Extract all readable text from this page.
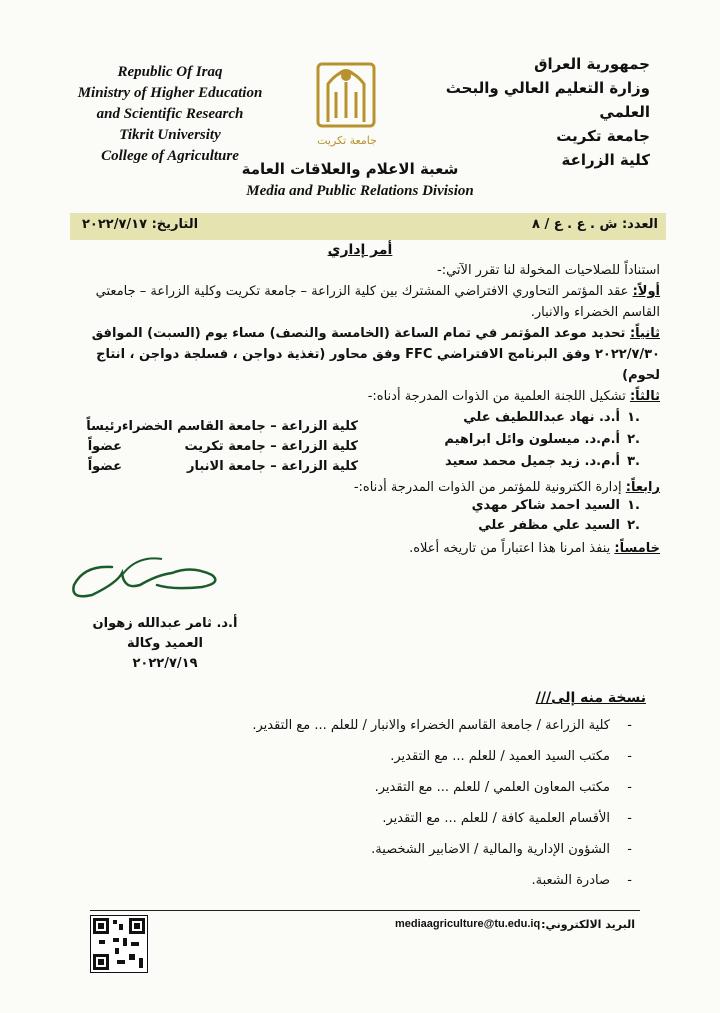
Republic Of Iraq
Ministry of Higher Education
and Scientific Research
Tikrit University
College of Agriculture
جامعة تكريت
جمهورية العراق
وزارة التعليم العالي والبحث العلمي
جامعة تكريت
كلية الزراعة
شعبة الاعلام والعلاقات العامة
Media and Public Relations Division
العدد: ش . ع . ع / ٨
التاريخ: ٢٠٢٢/٧/١٧
أمر إداري
استناداً للصلاحيات المخولة لنا تقرر الآتي:-
أولاً: عقد المؤتمر التحاوري الافتراضي المشترك بين كلية الزراعة – جامعة تكريت وكلية الزراعة – جامعتي القاسم الخضراء والانبار.
ثانياً: تحديد موعد المؤتمر في تمام الساعة (الخامسة والنصف) مساء يوم (السبت) الموافق ٢٠٢٢/٧/٣٠ وفق البرنامج الافتراضي FFC وفق محاور (تغذية دواجن ، فسلجة دواجن ، انتاج لحوم)
ثالثاً: تشكيل اللجنة العلمية من الذوات المدرجة أدناه:-
١.
أ.د. نهاد عبداللطيف علي
كلية الزراعة – جامعة القاسم الخضراء
رئيساً
٢.
أ.م.د. ميسلون وائل ابراهيم
كلية الزراعة – جامعة تكريت
عضواً
٣.
أ.م.د. زيد جميل محمد سعيد
كلية الزراعة – جامعة الانبار
عضواً
رابعاً: إدارة الكترونية للمؤتمر من الذوات المدرجة أدناه:-
١.
السيد احمد شاكر مهدي
٢.
السيد علي مظفر علي
خامساً: ينفذ امرنا هذا اعتباراً من تاريخه أعلاه.
أ.د. ثامر عبدالله زهوان
العميد وكالة
٢٠٢٢/٧/١٩
نسخة منه إلى///
كلية الزراعة / جامعة القاسم الخضراء والانبار / للعلم ... مع التقدير. -
مكتب السيد العميد / للعلم ... مع التقدير. -
مكتب المعاون العلمي / للعلم ... مع التقدير. -
الأقسام العلمية كافة / للعلم ... مع التقدير. -
الشؤون الإدارية والمالية / الاضابير الشخصية. -
صادرة الشعبة. -
البريد الالكتروني:
mediaagriculture@tu.edu.iq
